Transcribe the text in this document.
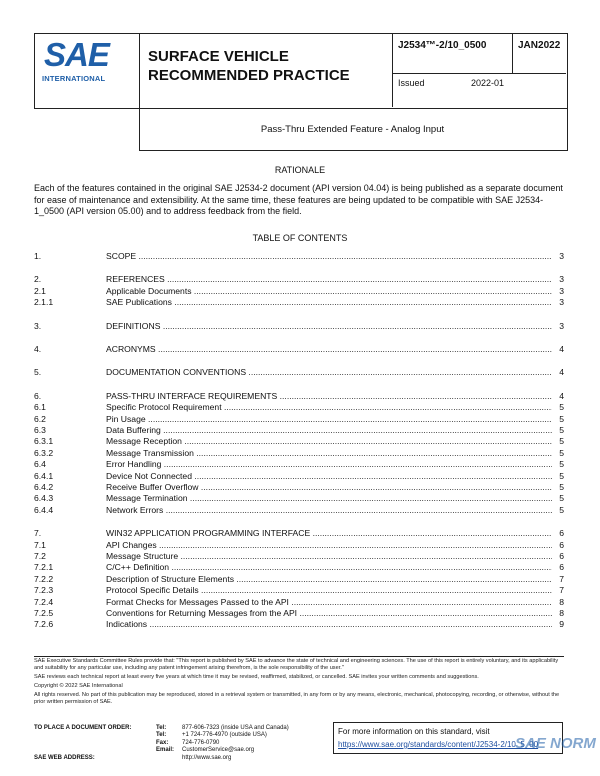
SAE
INTERNATIONAL
SURFACE VEHICLE
RECOMMENDED PRACTICE
J2534™-2/10_0500	JAN2022
Issued	2022-01
Pass-Thru Extended Feature - Analog Input
RATIONALE
Each of the features contained in the original SAE J2534-2 document (API version 04.04) is being published as a separate document for ease of maintenance and extensibility. At the same time, these features are being updated to be compatible with SAE J2534-1_0500 (API version 05.00) and to address feedback from the field.
TABLE OF CONTENTS
1.	SCOPE .....	3
2.	REFERENCES .....	3
2.1	Applicable Documents .....	3
2.1.1	SAE Publications .....	3
3.	DEFINITIONS .....	3
4.	ACRONYMS .....	4
5.	DOCUMENTATION CONVENTIONS .....	4
6.	PASS-THRU INTERFACE REQUIREMENTS .....	4
6.1	Specific Protocol Requirement .....	5
6.2	Pin Usage .....	5
6.3	Data Buffering .....	5
6.3.1	Message Reception .....	5
6.3.2	Message Transmission .....	5
6.4	Error Handling .....	5
6.4.1	Device Not Connected .....	5
6.4.2	Receive Buffer Overflow .....	5
6.4.3	Message Termination .....	5
6.4.4	Network Errors .....	5
7.	WIN32 APPLICATION PROGRAMMING INTERFACE .....	6
7.1	API Changes .....	6
7.2	Message Structure .....	6
7.2.1	C/C++ Definition .....	6
7.2.2	Description of Structure Elements .....	7
7.2.3	Protocol Specific Details .....	7
7.2.4	Format Checks for Messages Passed to the API .....	8
7.2.5	Conventions for Returning Messages from the API .....	8
7.2.6	Indications .....	9

SAE Executive Standards Committee Rules provide that: "This report is published by SAE to advance the state of technical and engineering sciences. The use of this report is entirely voluntary, and its applicability and suitability for any particular use, including any patent infringement arising therefrom, is the sole responsibility of the user."

SAE reviews each technical report at least every five years at which time it may be revised, reaffirmed, stabilized, or cancelled. SAE invites your written comments and suggestions.

Copyright © 2022 SAE International

All rights reserved. No part of this publication may be reproduced, stored in a retrieval system or transmitted, in any form or by any means, electronic, mechanical, photocopying, recording, or otherwise, without the prior written permission of SAE.

TO PLACE A DOCUMENT ORDER:	Tel:	877-606-7323 (inside USA and Canada)
Tel:	+1 724-776-4970 (outside USA)
Fax: 724-776-0790
Email: CustomerService@sae.org
SAE WEB ADDRESS:	http://www.sae.org
For more information on this standard, visit
https://www.sae.org/standards/content/J2534-2/10_5_00
SAE NORM
